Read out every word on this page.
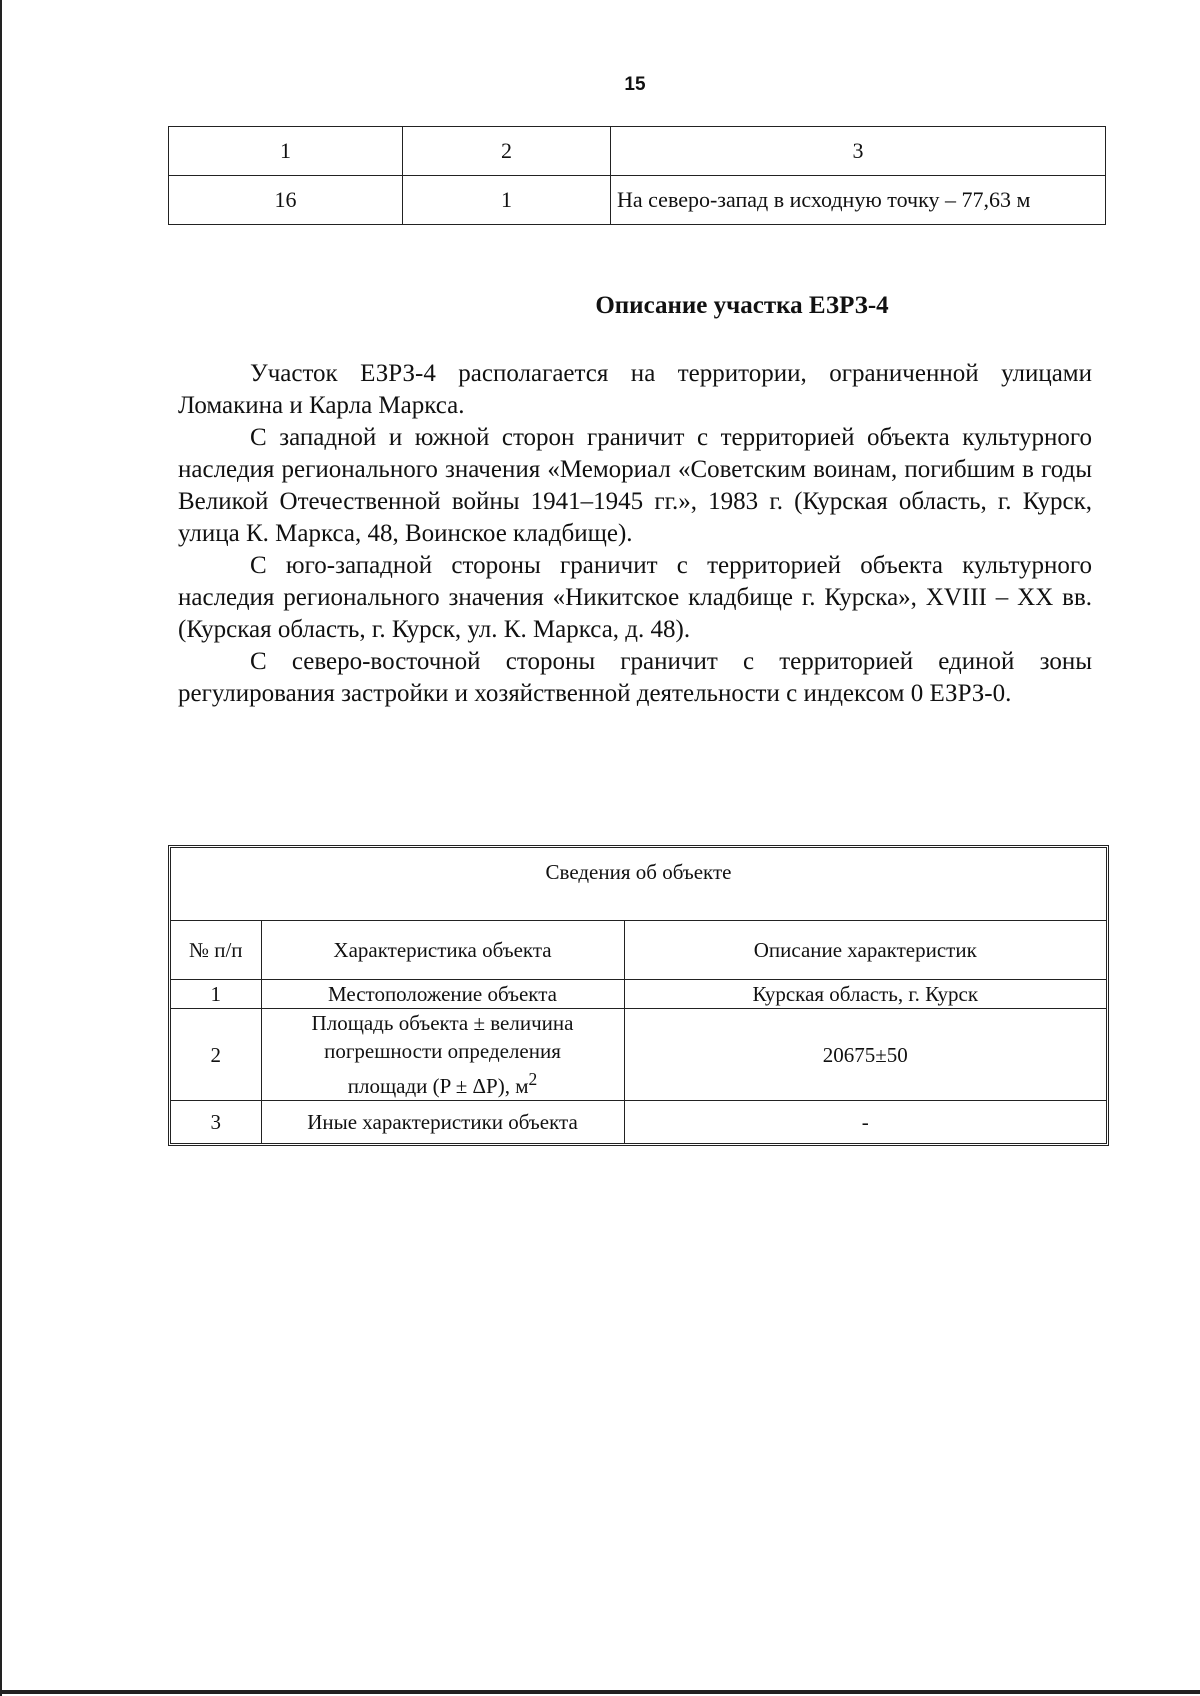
15
1	2	3
16	1	На северо-запад в исходную точку – 77,63 м
Описание участка ЕЗРЗ-4

Участок ЕЗРЗ-4 располагается на территории, ограниченной улицами Ломакина и Карла Маркса.

С западной и южной сторон граничит с территорией объекта культурного наследия регионального значения «Мемориал «Советским воинам, погибшим в годы Великой Отечественной войны 1941–1945 гг.», 1983 г. (Курская область, г. Курск, улица К. Маркса, 48, Воинское кладбище).

С юго-западной стороны граничит с территорией объекта культурного наследия регионального значения «Никитское кладбище г. Курска», XVIII – XX вв. (Курская область, г. Курск, ул. К. Маркса, д. 48).

С северо-восточной стороны граничит с территорией единой зоны регулирования застройки и хозяйственной деятельности с индексом 0 ЕЗРЗ-0.

Сведения об объекте		
№ п/п	Характеристика объекта	Описание характеристик
1	Местоположение объекта	Курская область, г. Курск
2	Площадь объекта ± величина
погрешности определения
площади (P ± ΔP), $м^2$	20675±50
3	Иные характеристики объекта	-
